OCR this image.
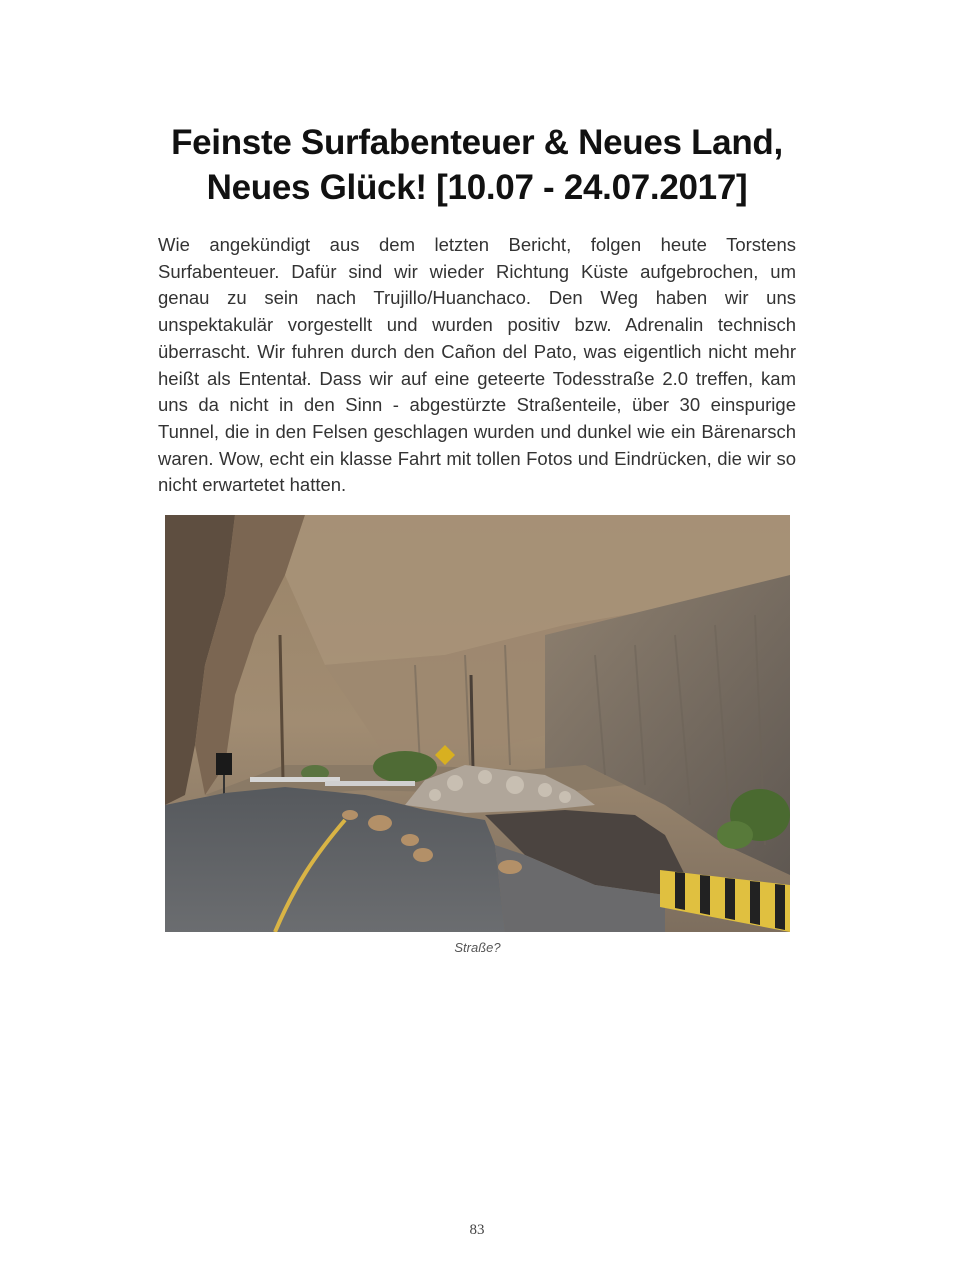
Feinste Surfabenteuer & Neues Land,
Neues Glück! [10.07 - 24.07.2017]

Wie angekündigt aus dem letzten Bericht, folgen heute Torstens Surfabenteuer. Dafür sind wir wieder Richtung Küste aufgebrochen, um genau zu sein nach Trujillo/Huanchaco. Den Weg haben wir uns unspektakulär vorgestellt und wurden positiv bzw. Adrenalin technisch überrascht. Wir fuhren durch den Cañon del Pato, was eigentlich nicht mehr heißt als Ententał. Dass wir auf eine geteerte Todesstraße 2.0 treffen, kam uns da nicht in den Sinn - abgestürzte Straßenteile, über 30 einspurige Tunnel, die in den Felsen geschlagen wurden und dunkel wie ein Bärenarsch waren. Wow, echt ein klasse Fahrt mit tollen Fotos und Eindrücken, die wir so nicht erwartetet hatten.

Straße?
83
